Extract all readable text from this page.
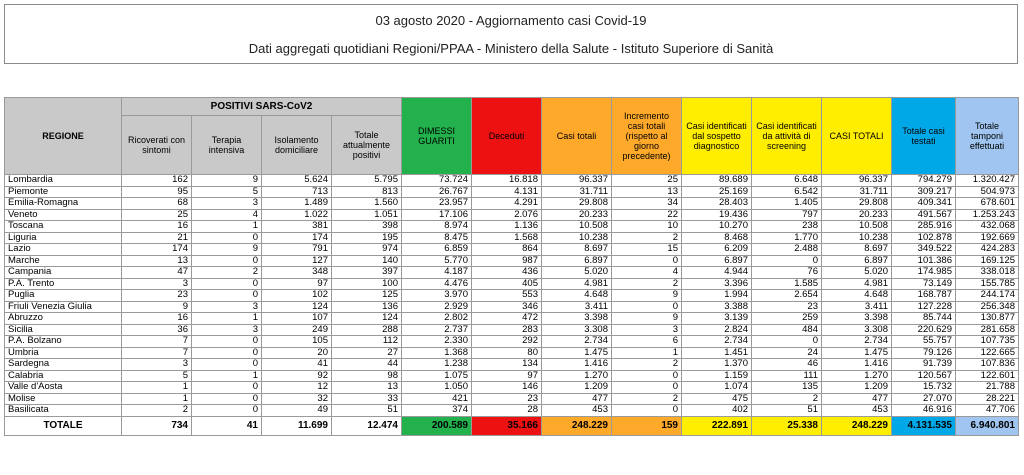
03 agosto 2020 - Aggiornamento casi Covid-19
Dati aggregati quotidiani Regioni/PPAA - Ministero della Salute - Istituto Superiore di Sanità
REGIONE	POSITIVI SARS-CoV2				DIMESSI GUARITI	Deceduti	Casi totali	Incremento casi totali (rispetto al giorno precedente)	Casi identificati dal sospetto diagnostico	Casi identificati da attività di screening	CASI TOTALI	Totale casi testati	Totale tamponi effettuati
	Ricoverati con sintomi	Terapia intensiva	Isolamento domiciliare	Totale attualmente positivi									
Lombardia	162	9	5.624	5.795	73.724	16.818	96.337	25	89.689	6.648	96.337	794.279	1.320.427
Piemonte	95	5	713	813	26.767	4.131	31.711	13	25.169	6.542	31.711	309.217	504.973
Emilia-Romagna	68	3	1.489	1.560	23.957	4.291	29.808	34	28.403	1.405	29.808	409.341	678.601
Veneto	25	4	1.022	1.051	17.106	2.076	20.233	22	19.436	797	20.233	491.567	1.253.243
Toscana	16	1	381	398	8.974	1.136	10.508	10	10.270	238	10.508	285.916	432.068
Liguria	21	0	174	195	8.475	1.568	10.238	2	8.468	1.770	10.238	102.878	192.669
Lazio	174	9	791	974	6.859	864	8.697	15	6.209	2.488	8.697	349.522	424.283
Marche	13	0	127	140	5.770	987	6.897	0	6.897	0	6.897	101.386	169.125
Campania	47	2	348	397	4.187	436	5.020	4	4.944	76	5.020	174.985	338.018
P.A. Trento	3	0	97	100	4.476	405	4.981	2	3.396	1.585	4.981	73.149	155.785
Puglia	23	0	102	125	3.970	553	4.648	9	1.994	2.654	4.648	168.787	244.174
Friuli Venezia Giulia	9	3	124	136	2.929	346	3.411	0	3.388	23	3.411	127.228	256.348
Abruzzo	16	1	107	124	2.802	472	3.398	9	3.139	259	3.398	85.744	130.877
Sicilia	36	3	249	288	2.737	283	3.308	3	2.824	484	3.308	220.629	281.658
P.A. Bolzano	7	0	105	112	2.330	292	2.734	6	2.734	0	2.734	55.757	107.735
Umbria	7	0	20	27	1.368	80	1.475	1	1.451	24	1.475	79.126	122.665
Sardegna	3	0	41	44	1.238	134	1.416	2	1.370	46	1.416	91.739	107.836
Calabria	5	1	92	98	1.075	97	1.270	0	1.159	111	1.270	120.567	122.601
Valle d'Aosta	1	0	12	13	1.050	146	1.209	0	1.074	135	1.209	15.732	21.788
Molise	1	0	32	33	421	23	477	2	475	2	477	27.070	28.221
Basilicata	2	0	49	51	374	28	453	0	402	51	453	46.916	47.706
TOTALE	734	41	11.699	12.474	200.589	35.166	248.229	159	222.891	25.338	248.229	4.131.535	6.940.801
